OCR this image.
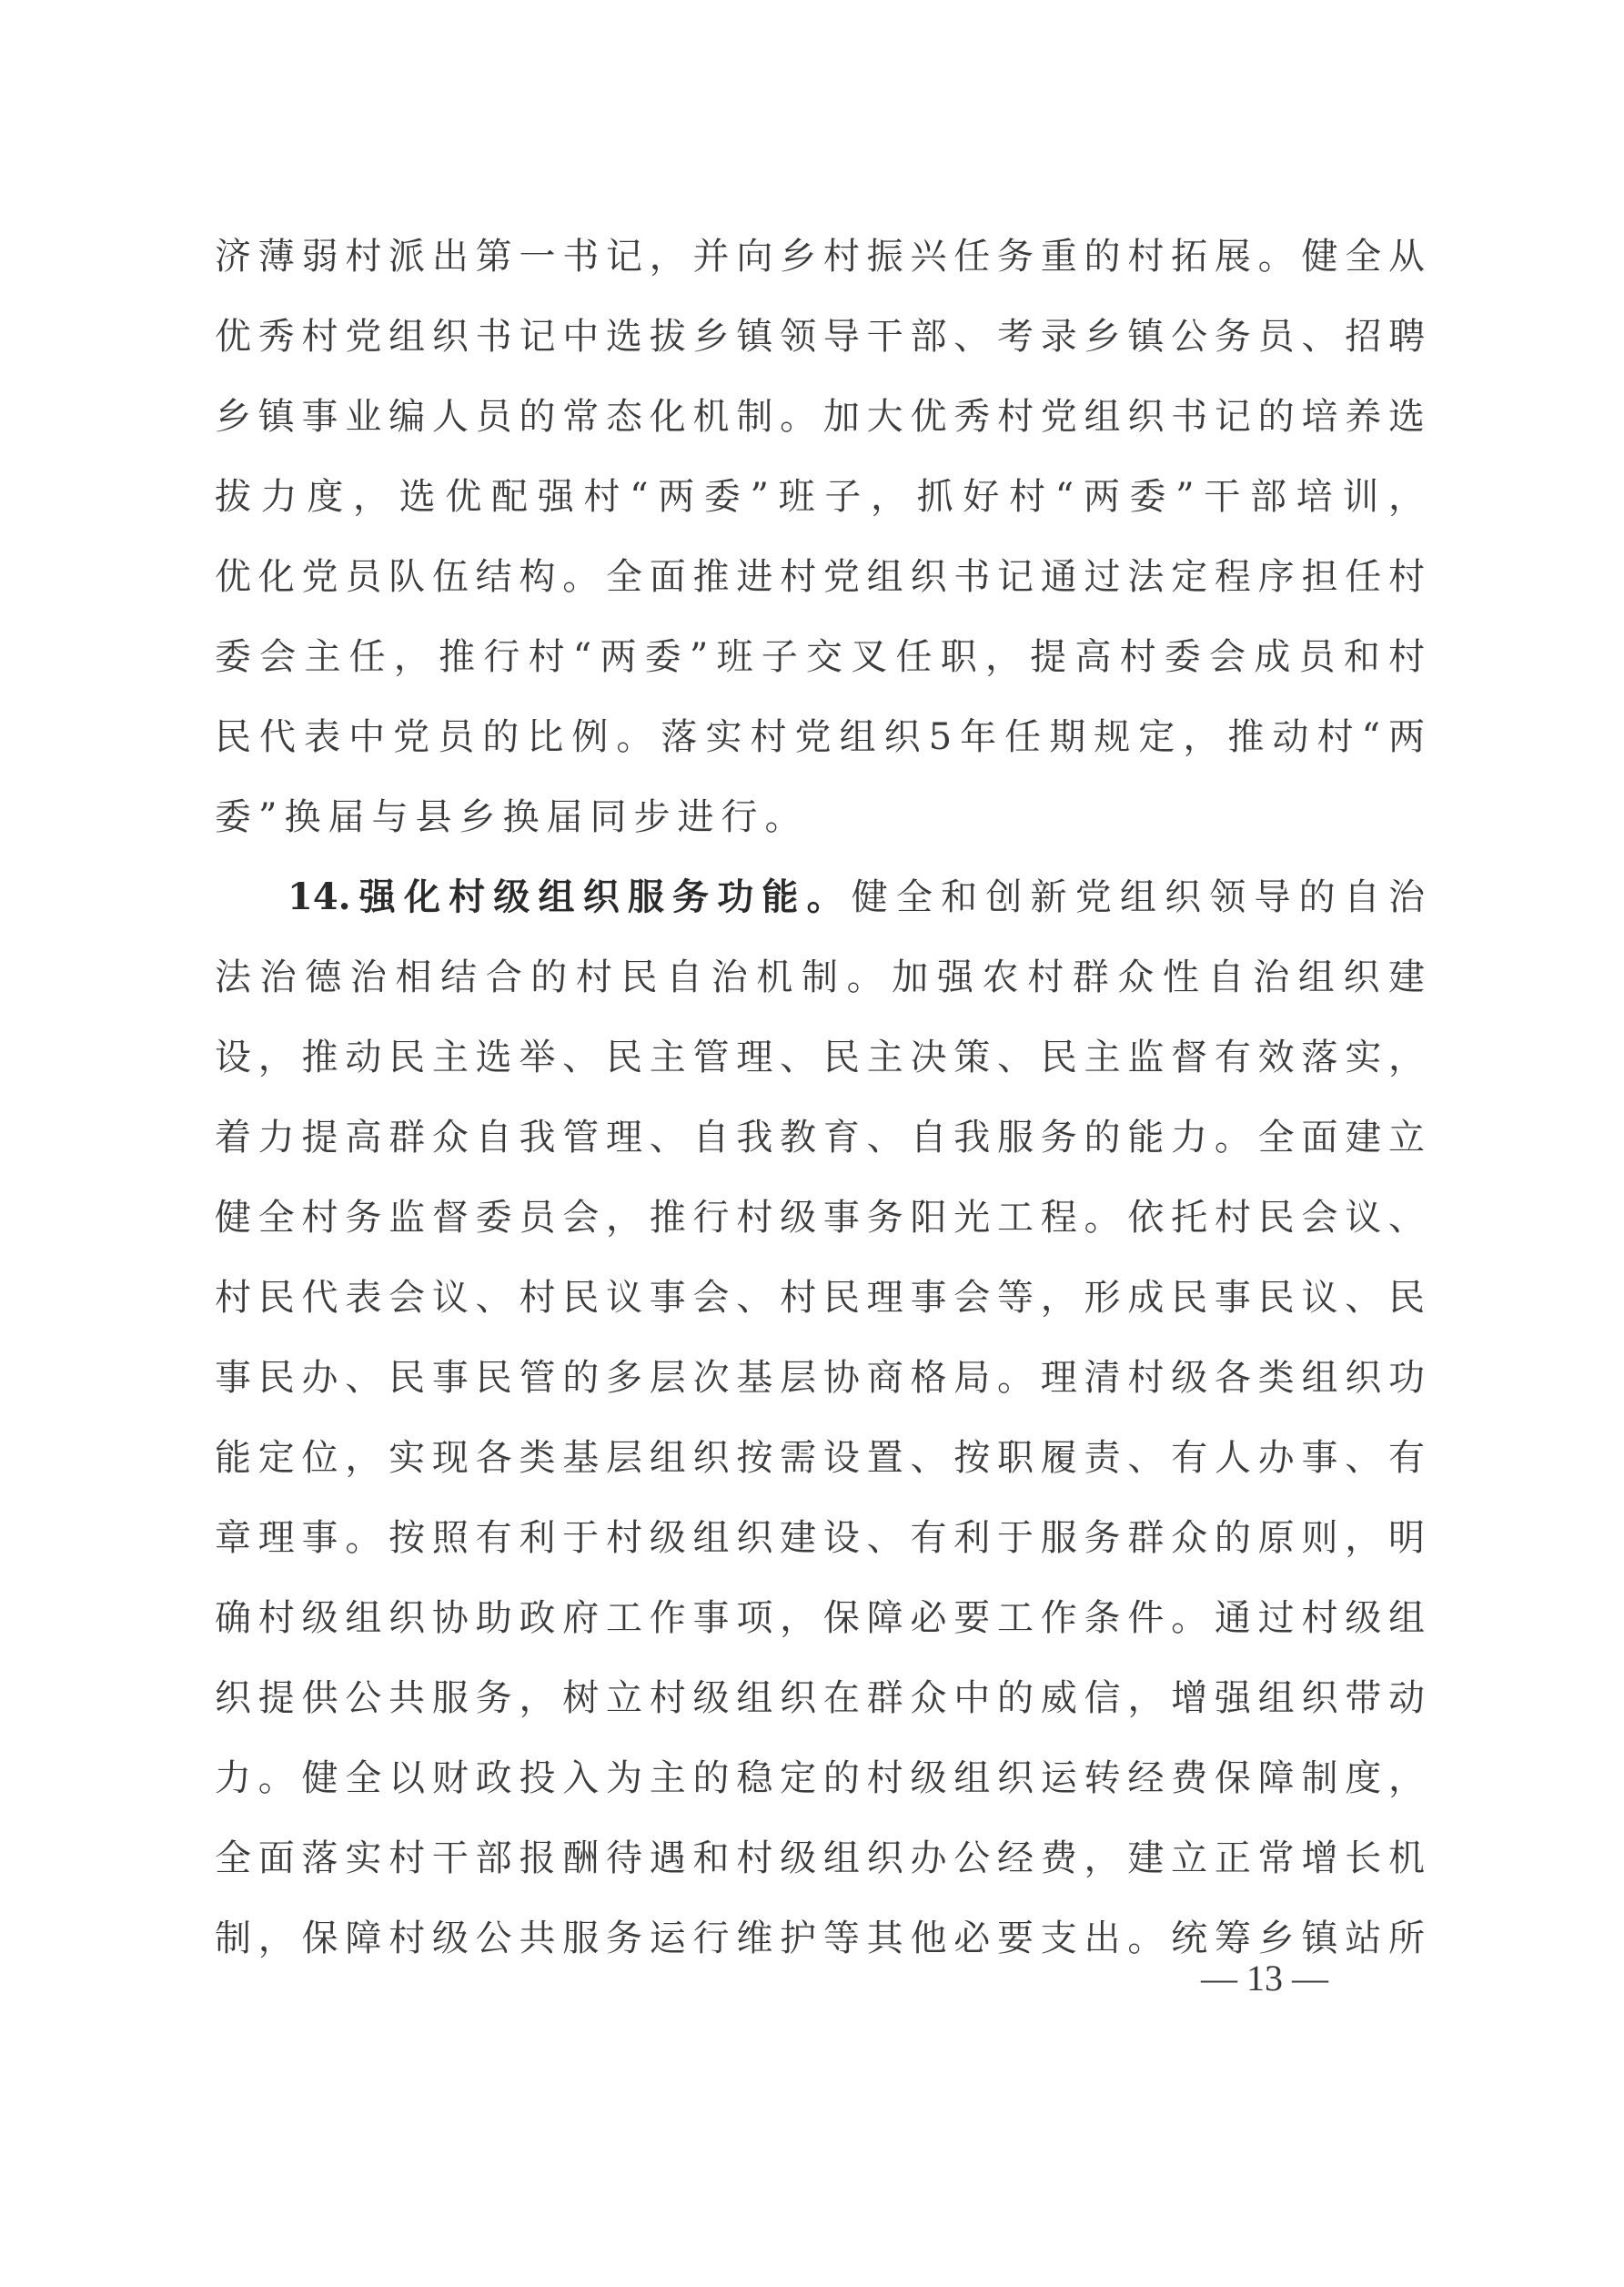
济薄弱村派出第一书记，并向乡村振兴任务重的村拓展。健全从
优秀村党组织书记中选拔乡镇领导干部、考录乡镇公务员、招聘
乡镇事业编人员的常态化机制。加大优秀村党组织书记的培养选
拔力度，选优配强村“两委”班子，抓好村“两委”干部培训，
优化党员队伍结构。全面推进村党组织书记通过法定程序担任村
委会主任，推行村“两委”班子交叉任职，提高村委会成员和村
民代表中党员的比例。落实村党组织5年任期规定，推动村“两
委”换届与县乡换届同步进行。
14.强化村级组织服务功能。健全和创新党组织领导的自治
法治德治相结合的村民自治机制。加强农村群众性自治组织建
设，推动民主选举、民主管理、民主决策、民主监督有效落实，
着力提高群众自我管理、自我教育、自我服务的能力。全面建立
健全村务监督委员会，推行村级事务阳光工程。依托村民会议、
村民代表会议、村民议事会、村民理事会等，形成民事民议、民
事民办、民事民管的多层次基层协商格局。理清村级各类组织功
能定位，实现各类基层组织按需设置、按职履责、有人办事、有
章理事。按照有利于村级组织建设、有利于服务群众的原则，明
确村级组织协助政府工作事项，保障必要工作条件。通过村级组
织提供公共服务，树立村级组织在群众中的威信，增强组织带动
力。健全以财政投入为主的稳定的村级组织运转经费保障制度，
全面落实村干部报酬待遇和村级组织办公经费，建立正常增长机
制，保障村级公共服务运行维护等其他必要支出。统筹乡镇站所
— 13 —
